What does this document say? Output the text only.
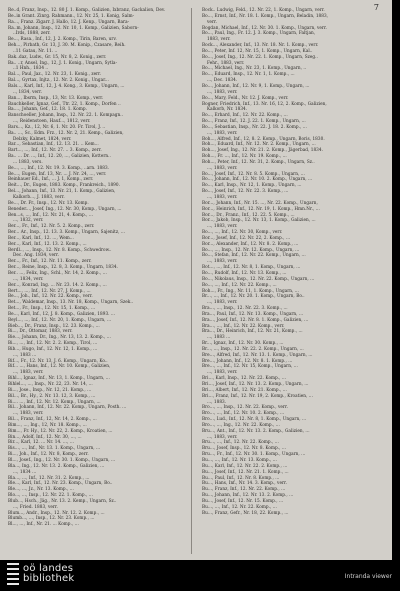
7
Re..d, Franz, Insp., 12. 80 J. 1. Komp., Galizien, Ixbranz, Gackalion, Dev.
Be..in Grant. Zinrg. Rahmann., 12. Nr. 25, 1. Konig, Salm-
Ra..., Franz. Zigarr. J. Hallo, 12. J. Kenp., Ungarn, Bara-
Ra..m, Johann, Insp., 12. Nr. 10, 1. Komp., Galizien, Saborn-
..Irds, 1888, zerr.
Be..., Rasa., Inf., 12, J. 2. Komp., Tirin, Baren, urv.
Beh..., Pirbath, Gr. 13, J. 30. M. Konip., Czasare, Reih.
..11 Gatau, Nr. 11. ..
Bak..daz, Ludw., Gr. 15, Nr. 8, 2. Konig., zerr.
Ba.. ..r, Ansel, Ing., 12, J. 1. Konig., Ungarn, Sytla-
..1 Hnh., 1834 ..
Bal..., Paul, Jaz., 12. Nr. 23, 1. Konig., zerr.
Bal..., Gyrtax, Injtz., 12. Nr. 2. Konig., Ungar...
Bals..., Karl, Inf., 12, J. 4. Kong., 3. Komp., Ungarn, ...
.., 1834, verr.
Ban..., Ibsrm, Insp., 13, Nr. 13. Komp., verr.
Bauchkeller, Ignaz, Gef., Ttr. 22, 1. Komp., Dorfen ..
Ba...., Johann, Gef., 12. 18. 1. Komp.
Banschoeller, Johann, Insp., 12. Nr. 22. 1. Kompagn..
..., Reidenstoen, Hauf..., 1812, verr.
Bars..., Kz., 12, Nr. 6, 1. Nr. 20. Fr. Tirol, J. ..
Ba.. ..., Sc., Edm. Frz., 12. Nr. 2, 21. Kemp., Galizien,
Delzky, Kalmet, 1824, verr.
Bar..., Sebastian, Inf., 12. 13. 21. .. Kem...
Bart..., ..., Inf., 12. Nr. 27. .. 3. Komp., zerr.
Ba.. ... Dr. ..., Inf., 12. 20, ..., Galizien, Kottern..
... 1883, vers.
Be..., ..., Inf., 12. Nr. 19. 3. Komp., ..arn. 1883.
Be...., Eugen, Inf. 13, Nr. ... J. Nr. 24, ..., verr.
Beinhauer Ed., Inf., ... J. 1, Komp., zerr.
Beit..., Dr., Eugen, 1883. Komp., Frankreich., 1890.
Bel..., Johann, Inf., 13. Nr. 21, 1. Komp., Galizien,
Kalkorb..., J. 1883, verr.
Be..., Dr. Fr., Insp., 12. Nr. 13. Komp.
Beneder..., Josef, Ing., 12. Nr. 30, Komp., Ungarn, ...
Ben...s, ..., Inf., 12. Nr. 21, 4. Komp., ...
..., 1832, verr.
Ber..., Fr., Inf., 12. Nr. 5. 2. Komp., zerr.
Ber... Ar., Insp., 12. 13. 3. Komp., Ungarn, Sajenitz, ...
Ber..., Karl, Inf., 12. ..., Wem...
Ber..., Karl, Inf., 12. 13. 2. Komp., ...
Berdl.., ..., Insp., 12. Nr. 8. Komp., Schwedrow..
Dec. Ang. 1834, verr.
Ber..., Fr., Inf., 12. Nr. 11. Komp., zerr.
Ber..., Reine, Insp., 12. 8, 3. Komp., Ungarn, 1834.
Ber.. ..., Felix, Ing., Schl., Nr. 14, 2. Komp., ...
..., 1834, verr.
Ber..., Konrad, Ing. ... Nr. 23. 14. 2. Komp., ...
Bert..., ..., Inf., 12. Nr. 27, J. Komp., ...
Be..., Joh., Inf., 12. Nr. 22. Komp., verr.
Bet..., Waldemar, Insp., 13. Nr. 18, Komp., Ungarn, Szek..
Bet..., Fr., Insp., 12. Nr. 15, 1. Komp., ...
Be..., Karl, Inf., 12, J. 8. Komp., Galizien, 1893. ...
Beyl..., ..., Inf., 12. Nr. 20, 1. Komp., Ungarn, ...
Bieb..., Dr., Franz, Insp., 12. 23. Komp., ...
Bi..., Dr., Ottomar, 1883, verr.
Bie..., Johann, Dr., Ing., Nr. 13, 13. 2. Komp., ...
Bi..., ..., Inf., 12. Nr. 2. 2. Komp., Tirol, ...
Bib..., Hugo, Inf., 12. Nr. 12, 1. Komp., ...
..., 1883 ...
Bif..., Fr., 12. Nr. 13, J. 6. Komp., Ungarn, Ko..
Bif... ..., Hans, Inf., 12. Nr. 10. Komp., Galizien,
..., 1883, verr.
Bihl..., Ignaz, Inf., Nr. 13, 1. Komp., Ungarn, ...
Bihlel..., ..., Insp., Nr. 22, 23. Nr. 14, ...
Bi..., Jose., Insp., Nr. 12, 21. Komp., ...
Bil..., Br., Hy., 2. Nr. 13. 12, 3. Komp., ...
Bi.... ..., Inf., 12. Nr. 12. Komp., Ungarn, ...
Bil... Johann, Inf., 12. Nr. 22. Komp., Ungarn, Posth. ...
..., 1883, verr.
Bil..., Franz, Inf., 12, Nr. 14, 2. Komp., ...
Bim..., ..., Ing., 12, Nr. 18. Komp., ...
Bim..., Fr. Hy., 12. Nr. 22, 2. Komp., Kroatien, ...
Bin..., Adolf, Inf., 12. Nr. 30, ..., ...
Bir..., Karl, 12. ... Nr. 14. ..., ...
Bis..., ..., Inf., Nr. 13. 1. Komp., Ungarn, ...
Bi..., Joh., Inf., 12. Nr. 8, Komp., zerr.
Bl..., Josef., Ing., 12. Nr. 30. 1. Komp., Ungarn, ...
Bla..., Ing., 12. Nr. 13. 2. Komp., Galizien, ...
..., 1834 ...
Bla..., ..., Inf., 12. Nr. 31. 2. Komp., ...
Ble..., Karl, Inf., 12. Nr. 23. Komp., Ungarn, Bo..
Ble..., ..., Jz., Nr. 13. Komp., ...
Blo..., ..., Insp., 12. Nr. 22. 1. Komp., ...
Blub..., Hsch., Jäg., Nr. 13. 2. Kemp., Ungarn, Sz..
..., Fried. 1883, verr.
Blum..., Andr., Insp., 12. Nr. 12. 2. Komp., ...
Blumb..., ..., Insp., 12. Nr. 23. Komp., ...
Bl..., ..., Inf., Nr. 21. ... Komp., ...
Bock.. Ludwig, Feld., 12. Nr. 22, 1. Komp., Ungarn, verr.
Bo..., Ernst, Inf., Nr. 18. 1. Komp., Ungarn, Beladin, 1883,
verr.
Bogdan, Michael, Inf., 12. Nr. 30. 1. Komp., Ungarn, verr.
Bo..., Paul, Ing., Fr. 12. J. 3. Komp., Ungarn, Faltjan,
1883, verr.
Bock..., Alexander, Inf., 13. Nr. 18. Nr. 1. Komp., verr.
Bo..., Peter, Inf. 12, Nr. 15, 1. Komp., Ungarn, Kal..
Bo..., Josef, Ing., 12. Nr. 22. 1. Komp., Ungarn, Szeg..
Fehr., 1883, verr.
Bo..., Michael, Ing., Nr. 23, 1. Komp., Ungarn, ..
Bo..., Eduard, Insp., 12. Nr. 1, 1. Komp., ...
..., Dec. 1834.
Bo..., Johann, Inf., 12. Nr. 9, 1. Komp., Ungarn, ...
..., 1883, verr.
Bo..., Mary, Feld., Nr. 12. J. Komp., verr.
Bogner, Friedrich, Inf., 13. Nr. 16, 12, 2. Komp., Galizien,
Kalkorb, Nr. 1834.
Bo..., Erhard, Inf., 12. Nr. 22. Komp., ...
Bo..., Franz, Inf., 12. J. 22. 1. Komp., Ungarn, ...
Bo..., Sebastian, Insp., Nr. 22. J. 18. 2. Komp., ...
..., 1883, verr.
Boh..., Alfred, Inf., 12, 8. 2. Komp., Ungarn, Boris, 1830.
Boh..., Eduard, Inf., Nr. 12. Nr. 2. Komp., Ungarn, ...
Boh..., Josef, Ing., 12. Nr. 21. 2. Komp., Jägerbad, 1834.
Boh..., Fr. ..., Inf., 12. Nr. 19. Komp., ...
Boh..., Peter, Inf., 12. Nr. 31, 2. Komp., Ungarn, Sz..
..., 1883, verr.
Bo..., Josef, Inf., 12. Nr. 8. 5. Komp., Ungarn, ...
Bo..., Johann, Inf., 12. Nr. 10. 2. Komp., Ungarn, ...
Bo..., Karl, Insp., Nr. 12, 1. Komp., Ungarn, ...
Bo..., Josef, Inf., 12. Nr. 22. 3. Komp., ...
..., 1883, verr.
Bor..., Johann, Inf., Nr. 15. ..., Nr. 22. Komp., Ungarn,
Bor..., Heinrich, Inf., 12. Nr. 19, 1. Komp., Hmn.Nr., ...
Bor..., Dr., Franz., Inf., 12. 22. 5. Komp., ...
Bor..., Jakob, Insp., 12. Nr. 13, 1. Komp., Galizien, ...
..., 1883, verr.
Bo..., ..., Inf., 12. Nr. 30, Komp., verr.
Bor..., Josef, Inf., 12. Nr. 22, 2. Komp., ...
Bor..., Alexander, Inf., 12. Nr. 8. 2. Komp., ...
Bo..., ..., Insp., 12. Nr. 12. Komp., Ungarn, ...
Bo..., Stefan, Inf., 12. Nr. 22. Komp., Ungarn, ...
..., 1883, verr.
Bot..., ..., Inf., 12. Nr. 8, 1. Komp., Ungarn, ...
Bo..., Rudolf, Inf., 12. Nr. 13. Komp., ...
Bo..., Nikolaus, Insp., 12. Nr. 22. Komp., Ungarn, ...
Bo..., ..., Inf., 12. Nr. 22. Komp., ...
Boh..., Fr., Ing., Nr. 11, 1. Komp., Ungarn, ...
Br..., ..., Inf., 12. Nr. 20. 1. Komp., Ungarn, Bo..
..., 1883, verr.
Bra..., ..., Insp., 12. Nr. 22. 3. Komp., ...
Bra..., Paul, Inf., 12. Nr. 13. Komp., Ungarn, ...
Bra..., Josef, Inf., 12. Nr. 8. 1. Komp., Galizien, ...
Bra..., ..., Inf., 12. Nr. 22. Komp., verr.
Bra..., Dr., Heinrich, Inf., 12. Nr. 21, Komp., ...
..., 1883 ...
Br..., Ignaz, Inf., 12. Nr. 30. Komp., ...
Br..., ..., Insp., 12. Nr. 22. 2. Komp., Ungarn, ...
Bre..., Alfred, Inf., 12. Nr. 13. 1. Komp., Ungarn, ...
Bre..., Johann, Inf., 12. Nr. 8. 1. Komp., ...
Bre..., ..., Inf., 12. Nr. 15, Komp., Ungarn, ...
..., 1883, verr.
Bri..., Karl, Insp., 12. Nr. 22. Komp., ...
Bri..., Josef, Inf., 12. Nr. 13. 2. Komp., Ungarn, ...
Bri..., Albert, Inf., 12. Nr. 21. Komp., ...
Bri..., Franz, Inf., 12. Nr. 19, 2. Komp., Kroatien, ...
..., 1883.
Bro..., ..., Insp., 12. Nr. 22. Komp., verr.
Bro..., ..., Inf., 12. Nr. 10. 2. Komp., ...
Bro..., Lud., Inf., 12. Nr. 8, 1. Komp., Ungarn, ...
Bro..., ..., Ing., 12. Nr. 22. Komp., ...
Bru..., Ant., Inf., 12. Nr. 13. 2. Komp., Galizien, ...
..., 1883, verr.
Bru..., ..., Inf., 12. Nr. 22. Komp., ...
Bru..., Josef, Insp., 12. Nr. 8. Komp., ...
Bru..., Fr., Inf., 12. Nr. 30. 1. Komp., Ungarn, ...
Bu..., ..., Inf., 12. Nr. 13. Komp., ...
Bu..., Karl, Inf., 12. Nr. 22. 2. Komp., ...
Bu..., Josef, Inf., 12. Nr. 21. 1. Komp., ...
Bu..., Paul, Inf., 12. Nr. 8. Komp., ...
Bu..., Hans, Inf., Nr. 14. 3. Komp., verr.
Bu..., Franz, Inf., 12. Nr. 22. Komp., ...
Bu..., Johann, Inf., 12. Nr. 13. 2. Komp., ...
Bu..., Josef, Inf., 12. Nr. 15. Komp., ...
Bu..., ..., Inf., 12. Nr. 22. Komp., ...
Bu..., Franz, Gefr., Nr. 18, 22. Komp., ...
oö landes
bibliothek	Intranda viewer
